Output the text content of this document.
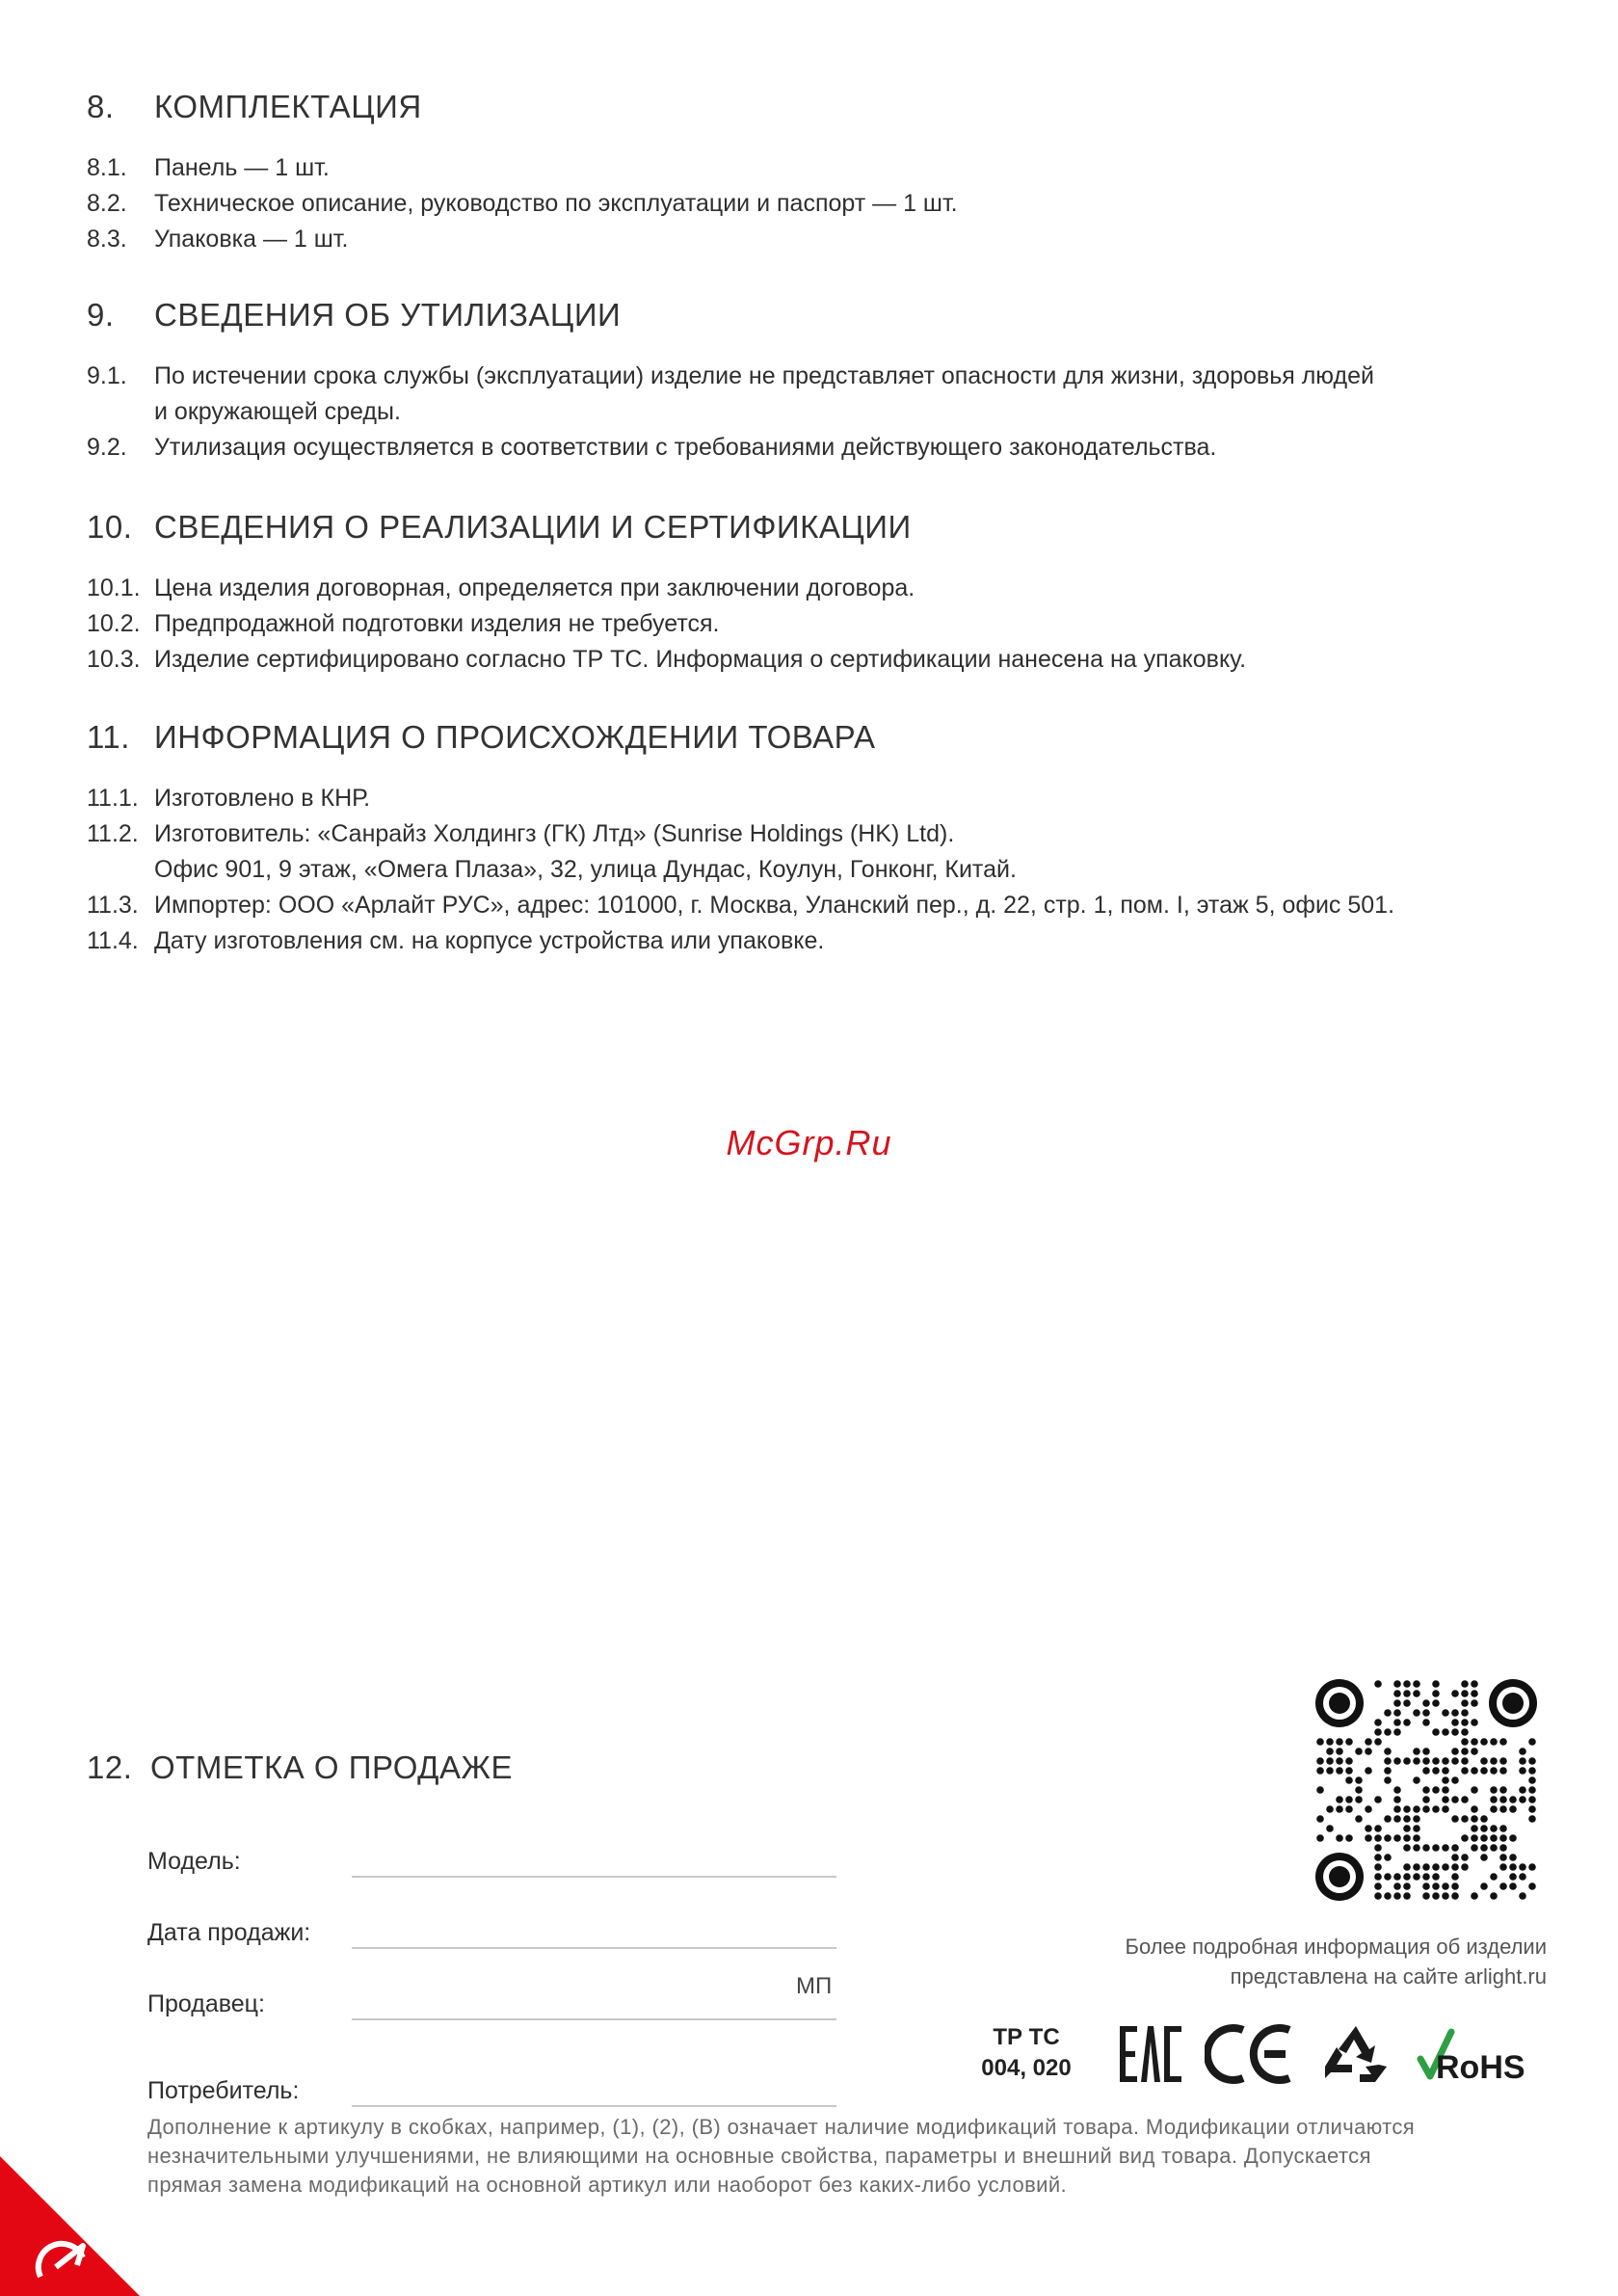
8.	КОМПЛЕКТАЦИЯ
8.1.	Панель — 1 шт.
8.2.	Техническое описание, руководство по эксплуатации и паспорт — 1 шт.
8.3.	Упаковка — 1 шт.
9.	СВЕДЕНИЯ ОБ УТИЛИЗАЦИИ
9.1.	По истечении срока службы (эксплуатации) изделие не представляет опасности для жизни, здоровья людей
и окружающей среды.
9.2.	Утилизация осуществляется в соответствии с требованиями действующего законодательства.
10. СВЕДЕНИЯ О РЕАЛИЗАЦИИ И СЕРТИФИКАЦИИ
10.1. Цена изделия договорная, определяется при заключении договора.
10.2. Предпродажной подготовки изделия не требуется.
10.3. Изделие сертифицировано согласно ТР ТС. Информация о сертификации нанесена на упаковку.
11. ИНФОРМАЦИЯ О ПРОИСХОЖДЕНИИ ТОВАРА
11.1. Изготовлено в КНР.
11.2. Изготовитель: «Санрайз Холдингз (ГК) Лтд» (Sunrise Holdings (HK) Ltd).
Офис 901, 9 этаж, «Омега Плаза», 32, улица Дундас, Коулун, Гонконг, Китай.
11.3. Импортер: ООО «Арлайт РУС», адрес: 101000, г. Москва, Уланский пер., д. 22, стр. 1, пом. I, этаж 5, офис 501.
11.4. Дату изготовления см. на корпусе устройства или упаковке.
McGrp.Ru
12. ОТМЕТКА О ПРОДАЖЕ
Модель:
Дата продажи:
Продавец:
Потребитель:
МП
Более подробная информация об изделии
представлена на сайте arlight.ru
ТР ТС
004, 020	RoHS
Дополнение к артикулу в скобках, например, (1), (2), (B) означает наличие модификаций товара. Модификации отличаются
незначительными улучшениями, не влияющими на основные свойства, параметры и внешний вид товара. Допускается
прямая замена модификаций на основной артикул или наоборот без каких-либо условий.
